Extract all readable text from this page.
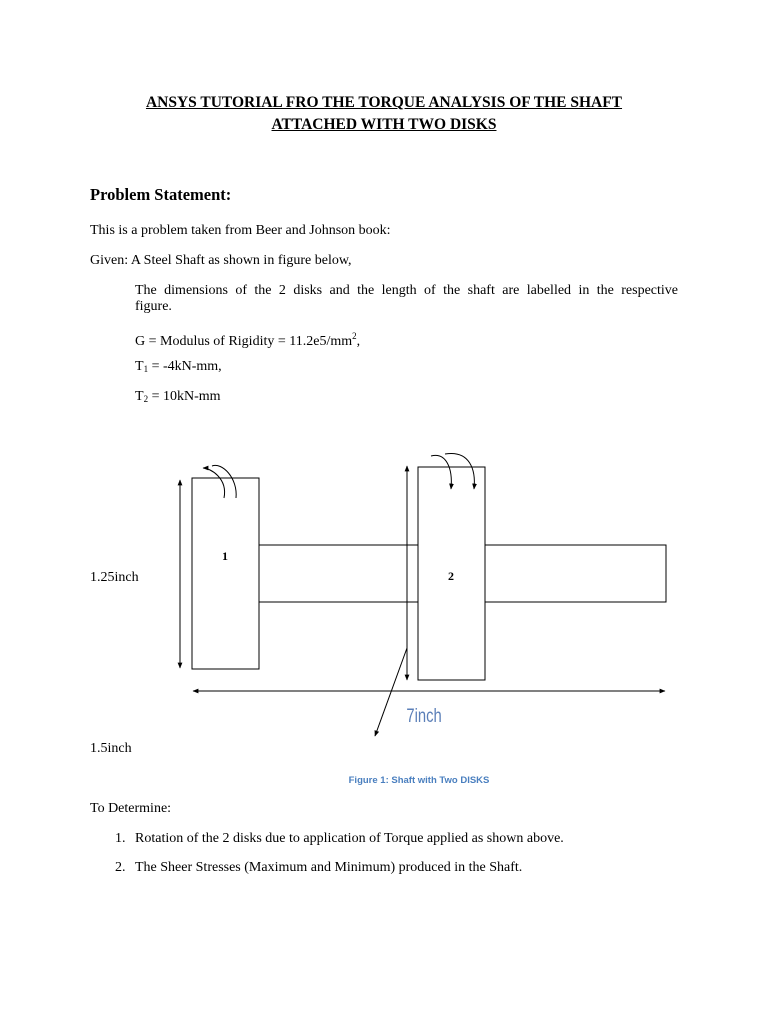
ANSYS TUTORIAL FRO THE TORQUE ANALYSIS OF THE SHAFT
ATTACHED WITH TWO DISKS
Problem Statement:
This is a problem taken from Beer and Johnson book:
Given: A Steel Shaft as shown in figure below,
The dimensions of the 2 disks and the length of the shaft are labelled in the respective
figure.
G = Modulus of Rigidity = $11.2e5/mm^2$,
$T_1 = -4kN-mm$,
$T_2 = 10kN-mm$
1
2
7inch
1.25inch
1.5inch
Figure 1: Shaft with Two DISKS
To Determine:
1. Rotation of the 2 disks due to application of Torque applied as shown above.
2. The Sheer Stresses (Maximum and Minimum) produced in the Shaft.
